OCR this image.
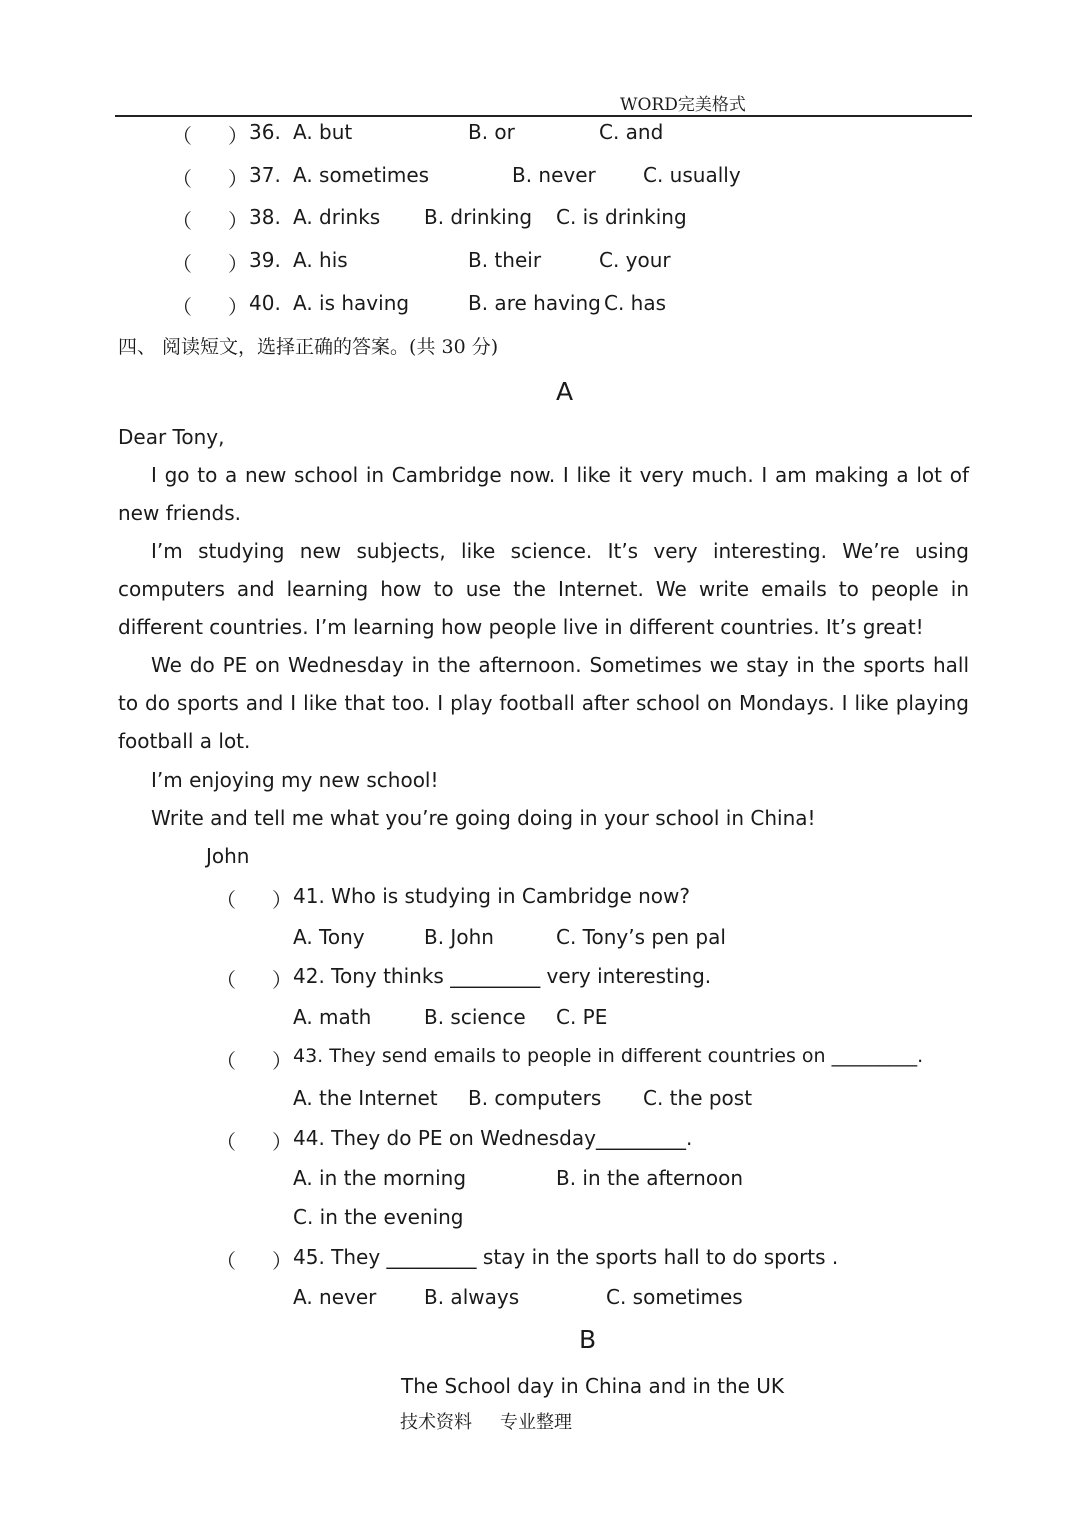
WORD完美格式
（ ） 36. A. but	B. or	C. and
（ ） 37. A. sometimes	B. never C. usually
（ ） 38. A. drinks B. drinking C. is drinking
（ ） 39. A. his	B. their	C. your
（ ） 40. A. is having	B. are having C. has
四、 阅读短文，选择正确的答案。(共 30 分)
A
Dear Tony,
I go to a new school in Cambridge now. I like it very much. I am making a lot of new friends.
I’m studying new subjects, like science. It’s very interesting. We’re using computers and learning how to use the Internet. We write emails to people in different countries. I’m learning how people live in different countries. It’s great!
We do PE on Wednesday in the afternoon. Sometimes we stay in the sports hall to do sports and I like that too. I play football after school on Mondays. I like playing football a lot.
I’m enjoying my new school!
Write and tell me what you’re going doing in your school in China!
John
（ ） 41. Who is studying in Cambridge now?
A. Tony	B. John	C. Tony’s pen pal
（ ） 42. Tony thinks _________ very interesting.
A. math	B. science C. PE
（ ） 43. They send emails to people in different countries on _________.
A. the Internet B. computers C. the post
（ ） 44. They do PE on Wednesday_________.
A. in the morning	B. in the afternoon
C. in the evening
（ ） 45. They _________ stay in the sports hall to do sports .
A. never B. always	C. sometimes
B
The School day in China and in the UK
技术资料 专业整理
